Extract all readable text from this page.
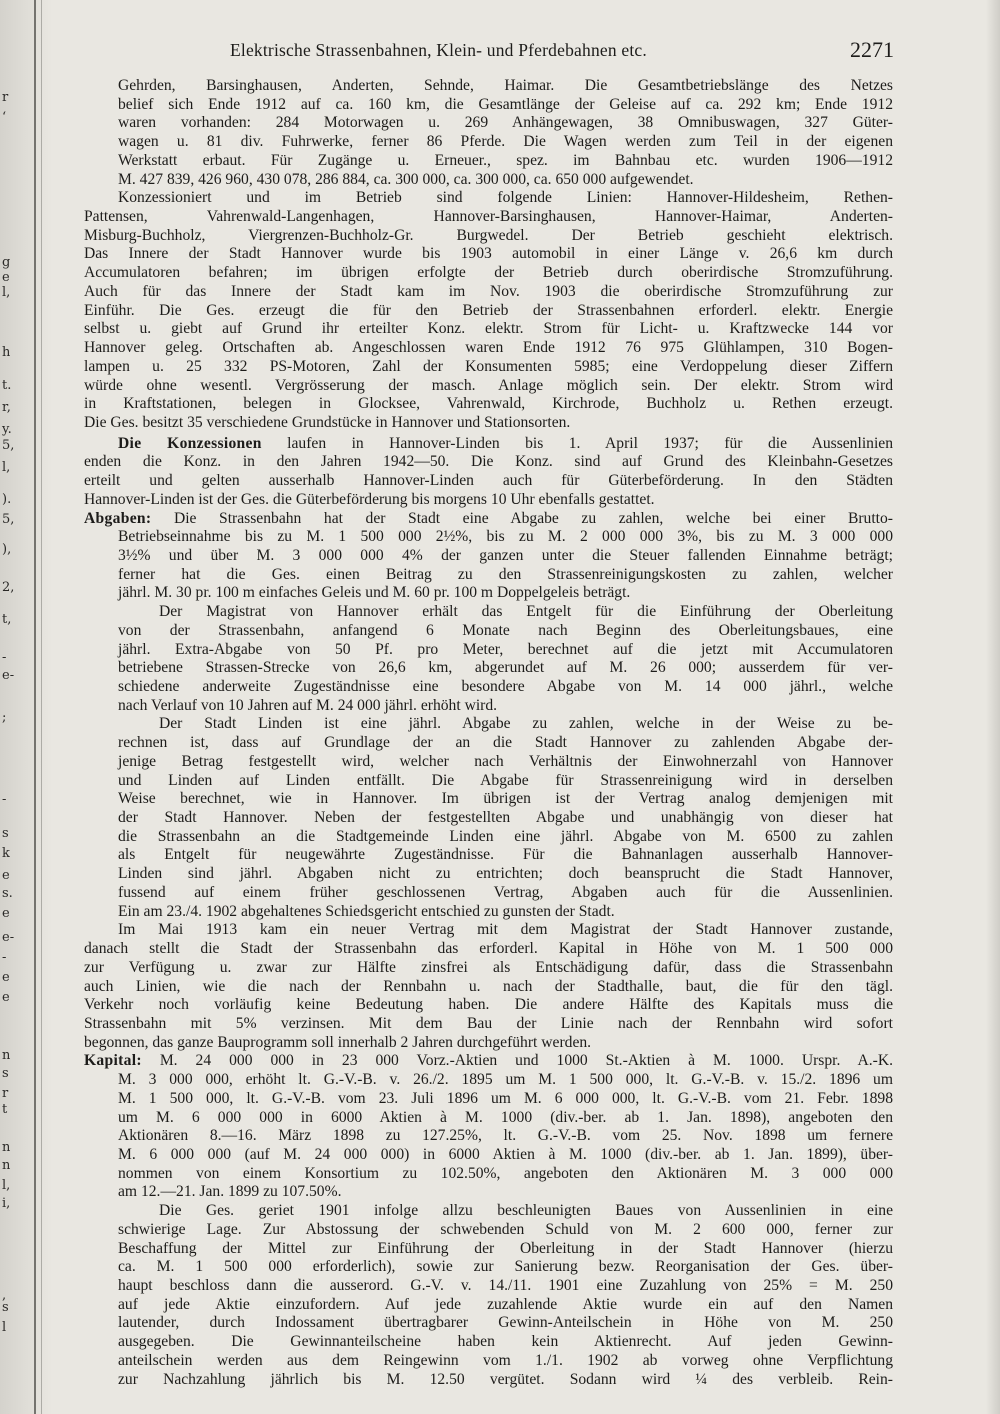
r
‘
g
e
l,
h
t.
r,
y.
5,
l,
).
5,
),
2,
t,
-
e-
;
-
s
k
e
s.
e
e-
-
e
e
n
s
r
t
n
n
l,
i,
,
s
l
Elektrische Strassenbahnen, Klein- und Pferdebahnen etc.	2271
Gehrden, Barsinghausen, Anderten, Sehnde, Haimar. Die Gesamtbetriebslänge des Netzes
belief sich Ende 1912 auf ca. 160 km, die Gesamtlänge der Geleise auf ca. 292 km; Ende 1912
waren vorhanden: 284 Motorwagen u. 269 Anhängewagen, 38 Omnibuswagen, 327 Güter-
wagen u. 81 div. Fuhrwerke, ferner 86 Pferde. Die Wagen werden zum Teil in der eigenen
Werkstatt erbaut. Für Zugänge u. Erneuer., spez. im Bahnbau etc. wurden 1906—1912
M. 427 839, 426 960, 430 078, 286 884, ca. 300 000, ca. 300 000, ca. 650 000 aufgewendet.
Konzessioniert und im Betrieb sind folgende Linien: Hannover-Hildesheim, Rethen-
Pattensen, Vahrenwald-Langenhagen, Hannover-Barsinghausen, Hannover-Haimar, Anderten-
Misburg-Buchholz, Viergrenzen-Buchholz-Gr. Burgwedel. Der Betrieb geschieht elektrisch.
Das Innere der Stadt Hannover wurde bis 1903 automobil in einer Länge v. 26,6 km durch
Accumulatoren befahren; im übrigen erfolgte der Betrieb durch oberirdische Stromzuführung.
Auch für das Innere der Stadt kam im Nov. 1903 die oberirdische Stromzuführung zur
Einführ. Die Ges. erzeugt die für den Betrieb der Strassenbahnen erforderl. elektr. Energie
selbst u. giebt auf Grund ihr erteilter Konz. elektr. Strom für Licht- u. Kraftzwecke 144 vor
Hannover geleg. Ortschaften ab. Angeschlossen waren Ende 1912 76 975 Glühlampen, 310 Bogen-
lampen u. 25 332 PS-Motoren, Zahl der Konsumenten 5985; eine Verdoppelung dieser Ziffern
würde ohne wesentl. Vergrösserung der masch. Anlage möglich sein. Der elektr. Strom wird
in Kraftstationen, belegen in Glocksee, Vahrenwald, Kirchrode, Buchholz u. Rethen erzeugt.
Die Ges. besitzt 35 verschiedene Grundstücke in Hannover und Stationsorten.
Die Konzessionen laufen in Hannover-Linden bis 1. April 1937; für die Aussenlinien
enden die Konz. in den Jahren 1942—50. Die Konz. sind auf Grund des Kleinbahn-Gesetzes
erteilt und gelten ausserhalb Hannover-Linden auch für Güterbeförderung. In den Städten
Hannover-Linden ist der Ges. die Güterbeförderung bis morgens 10 Uhr ebenfalls gestattet.
Abgaben: Die Strassenbahn hat der Stadt eine Abgabe zu zahlen, welche bei einer Brutto-
Betriebseinnahme bis zu M. 1 500 000 2½%, bis zu M. 2 000 000 3%, bis zu M. 3 000 000
3½% und über M. 3 000 000 4% der ganzen unter die Steuer fallenden Einnahme beträgt;
ferner hat die Ges. einen Beitrag zu den Strassenreinigungskosten zu zahlen, welcher
jährl. M. 30 pr. 100 m einfaches Geleis und M. 60 pr. 100 m Doppelgeleis beträgt.
Der Magistrat von Hannover erhält das Entgelt für die Einführung der Oberleitung
von der Strassenbahn, anfangend 6 Monate nach Beginn des Oberleitungsbaues, eine
jährl. Extra-Abgabe von 50 Pf. pro Meter, berechnet auf die jetzt mit Accumulatoren
betriebene Strassen-Strecke von 26,6 km, abgerundet auf M. 26 000; ausserdem für ver-
schiedene anderweite Zugeständnisse eine besondere Abgabe von M. 14 000 jährl., welche
nach Verlauf von 10 Jahren auf M. 24 000 jährl. erhöht wird.
Der Stadt Linden ist eine jährl. Abgabe zu zahlen, welche in der Weise zu be-
rechnen ist, dass auf Grundlage der an die Stadt Hannover zu zahlenden Abgabe der-
jenige Betrag festgestellt wird, welcher nach Verhältnis der Einwohnerzahl von Hannover
und Linden auf Linden entfällt. Die Abgabe für Strassenreinigung wird in derselben
Weise berechnet, wie in Hannover. Im übrigen ist der Vertrag analog demjenigen mit
der Stadt Hannover. Neben der festgestellten Abgabe und unabhängig von dieser hat
die Strassenbahn an die Stadtgemeinde Linden eine jährl. Abgabe von M. 6500 zu zahlen
als Entgelt für neugewährte Zugeständnisse. Für die Bahnanlagen ausserhalb Hannover-
Linden sind jährl. Abgaben nicht zu entrichten; doch beansprucht die Stadt Hannover,
fussend auf einem früher geschlossenen Vertrag, Abgaben auch für die Aussenlinien.
Ein am 23./4. 1902 abgehaltenes Schiedsgericht entschied zu gunsten der Stadt.
Im Mai 1913 kam ein neuer Vertrag mit dem Magistrat der Stadt Hannover zustande,
danach stellt die Stadt der Strassenbahn das erforderl. Kapital in Höhe von M. 1 500 000
zur Verfügung u. zwar zur Hälfte zinsfrei als Entschädigung dafür, dass die Strassenbahn
auch Linien, wie die nach der Rennbahn u. nach der Stadthalle, baut, die für den tägl.
Verkehr noch vorläufig keine Bedeutung haben. Die andere Hälfte des Kapitals muss die
Strassenbahn mit 5% verzinsen. Mit dem Bau der Linie nach der Rennbahn wird sofort
begonnen, das ganze Bauprogramm soll innerhalb 2 Jahren durchgeführt werden.
Kapital: M. 24 000 000 in 23 000 Vorz.-Aktien und 1000 St.-Aktien à M. 1000. Urspr. A.-K.
M. 3 000 000, erhöht lt. G.-V.-B. v. 26./2. 1895 um M. 1 500 000, lt. G.-V.-B. v. 15./2. 1896 um
M. 1 500 000, lt. G.-V.-B. vom 23. Juli 1896 um M. 6 000 000, lt. G.-V.-B. vom 21. Febr. 1898
um M. 6 000 000 in 6000 Aktien à M. 1000 (div.-ber. ab 1. Jan. 1898), angeboten den
Aktionären 8.—16. März 1898 zu 127.25%, lt. G.-V.-B. vom 25. Nov. 1898 um fernere
M. 6 000 000 (auf M. 24 000 000) in 6000 Aktien à M. 1000 (div.-ber. ab 1. Jan. 1899), über-
nommen von einem Konsortium zu 102.50%, angeboten den Aktionären M. 3 000 000
am 12.—21. Jan. 1899 zu 107.50%.
Die Ges. geriet 1901 infolge allzu beschleunigten Baues von Aussenlinien in eine
schwierige Lage. Zur Abstossung der schwebenden Schuld von M. 2 600 000, ferner zur
Beschaffung der Mittel zur Einführung der Oberleitung in der Stadt Hannover (hierzu
ca. M. 1 500 000 erforderlich), sowie zur Sanierung bezw. Reorganisation der Ges. über-
haupt beschloss dann die ausserord. G.-V. v. 14./11. 1901 eine Zuzahlung von 25% = M. 250
auf jede Aktie einzufordern. Auf jede zuzahlende Aktie wurde ein auf den Namen
lautender, durch Indossament übertragbarer Gewinn-Anteilschein in Höhe von M. 250
ausgegeben. Die Gewinnanteilscheine haben kein Aktienrecht. Auf jeden Gewinn-
anteilschein werden aus dem Reingewinn vom 1./1. 1902 ab vorweg ohne Verpflichtung
zur Nachzahlung jährlich bis M. 12.50 vergütet. Sodann wird ¼ des verbleib. Rein-
